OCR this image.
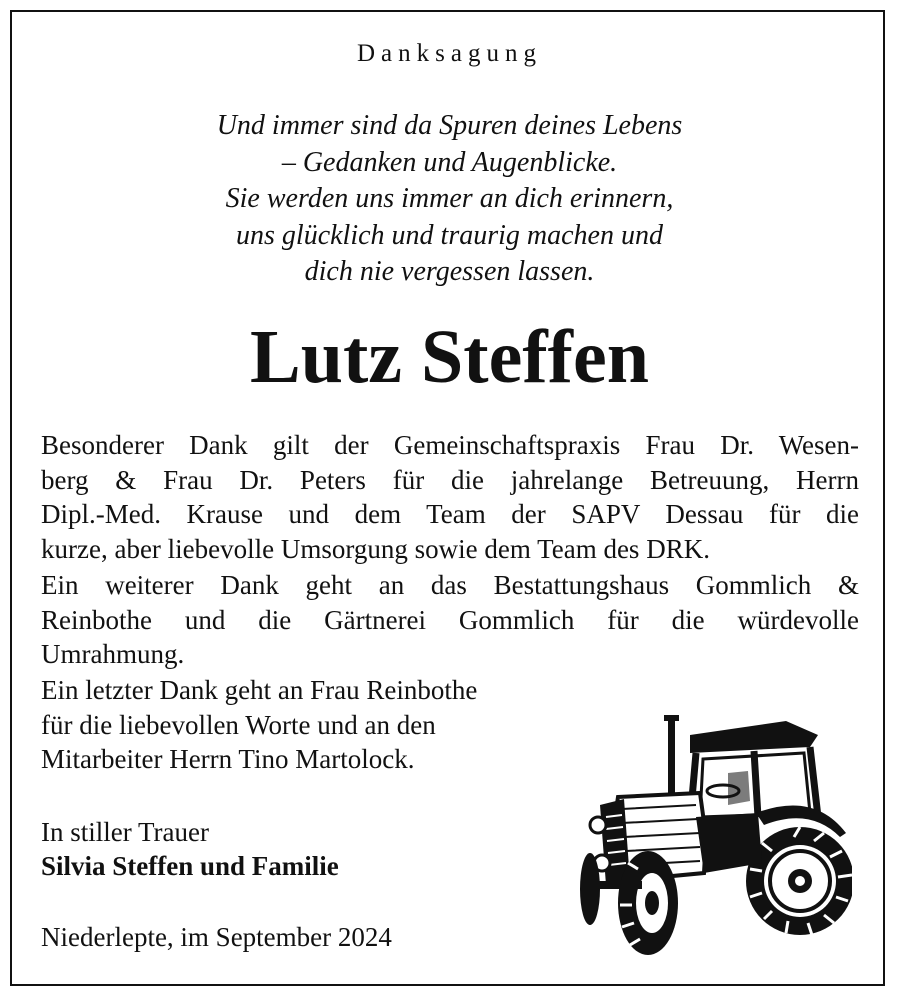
Danksagung
Und immer sind da Spuren deines Lebens
– Gedanken und Augenblicke.
Sie werden uns immer an dich erinnern,
uns glücklich und traurig machen und
dich nie vergessen lassen.
Lutz Steffen
Besonderer Dank gilt der Gemeinschaftspraxis Frau Dr. Wesen-
berg & Frau Dr. Peters für die jahrelange Betreuung, Herrn
Dipl.-Med. Krause und dem Team der SAPV Dessau für die
kurze, aber liebevolle Umsorgung sowie dem Team des DRK.
Ein weiterer Dank geht an das Bestattungshaus Gommlich &
Reinbothe und die Gärtnerei Gommlich für die würdevolle
Umrahmung.
Ein letzter Dank geht an Frau Reinbothe
für die liebevollen Worte und an den
Mitarbeiter Herrn Tino Martolock.
In stiller Trauer
Silvia Steffen und Familie
Niederlepte, im September 2024
